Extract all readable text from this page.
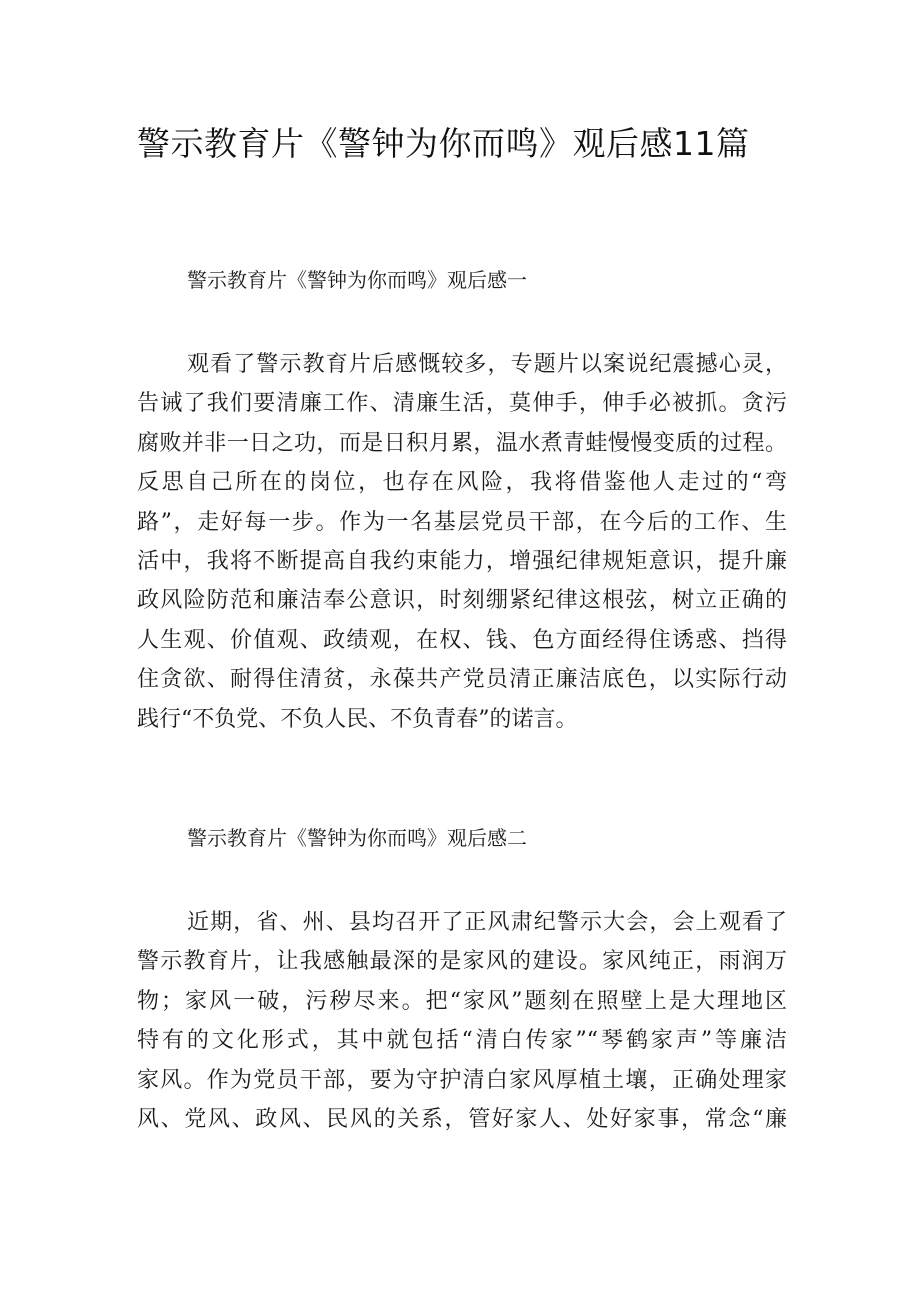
警示教育片《警钟为你而鸣》观后感11篇
警示教育片《警钟为你而鸣》观后感一
观看了警示教育片后感慨较多，专题片以案说纪震撼心灵，
告诫了我们要清廉工作、清廉生活，莫伸手，伸手必被抓。贪污
腐败并非一日之功，而是日积月累，温水煮青蛙慢慢变质的过程。
反思自己所在的岗位，也存在风险，我将借鉴他人走过的“弯
路”，走好每一步。作为一名基层党员干部，在今后的工作、生
活中，我将不断提高自我约束能力，增强纪律规矩意识，提升廉
政风险防范和廉洁奉公意识，时刻绷紧纪律这根弦，树立正确的
人生观、价值观、政绩观，在权、钱、色方面经得住诱惑、挡得
住贪欲、耐得住清贫，永葆共产党员清正廉洁底色，以实际行动
践行“不负党、不负人民、不负青春”的诺言。
警示教育片《警钟为你而鸣》观后感二
近期，省、州、县均召开了正风肃纪警示大会，会上观看了
警示教育片，让我感触最深的是家风的建设。家风纯正，雨润万
物；家风一破，污秽尽来。把“家风”题刻在照壁上是大理地区
特有的文化形式，其中就包括“清白传家”“琴鹤家声”等廉洁
家风。作为党员干部，要为守护清白家风厚植土壤，正确处理家
风、党风、政风、民风的关系，管好家人、处好家事，常念“廉
